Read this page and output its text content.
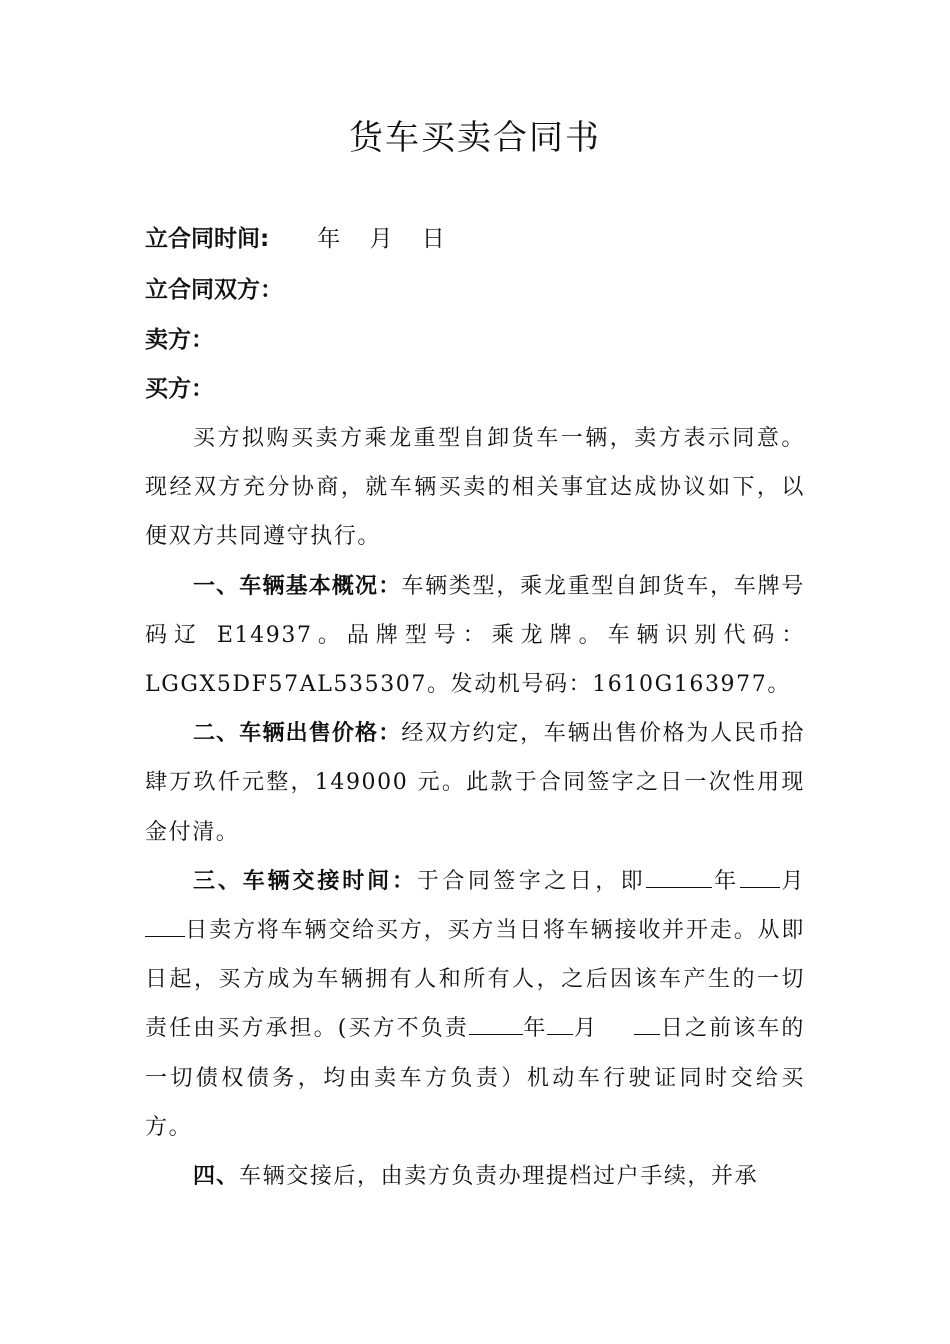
货车买卖合同书
立合同时间: 年    月    日
立合同双方：
卖方：
买方：

买方拟购买卖方乘龙重型自卸货车一辆，卖方表示同意。现经双方充分协商，就车辆买卖的相关事宜达成协议如下，以便双方共同遵守执行。

一、车辆基本概况：车辆类型，乘龙重型自卸货车，车牌号码辽 E14937。品牌型号：乘龙牌。车辆识别代码：LGGX5DF57AL535307。发动机号码：1610G163977。

二、车辆出售价格：经双方约定，车辆出售价格为人民币拾肆万玖仟元整，149000 元。此款于合同签字之日一次性用现金付清。

三、车辆交接时间：于合同签字之日，即	年 月 日卖方将车辆交给买方，买方当日将车辆接收并开走。从即日起，买方成为车辆拥有人和所有人，之后因该车产生的一切责任由买方承担。(买方不负责 年 月	日之前该车的一切债权债务，均由卖车方负责）机动车行驶证同时交给买方。

四、车辆交接后，由卖方负责办理提档过户手续，并承
